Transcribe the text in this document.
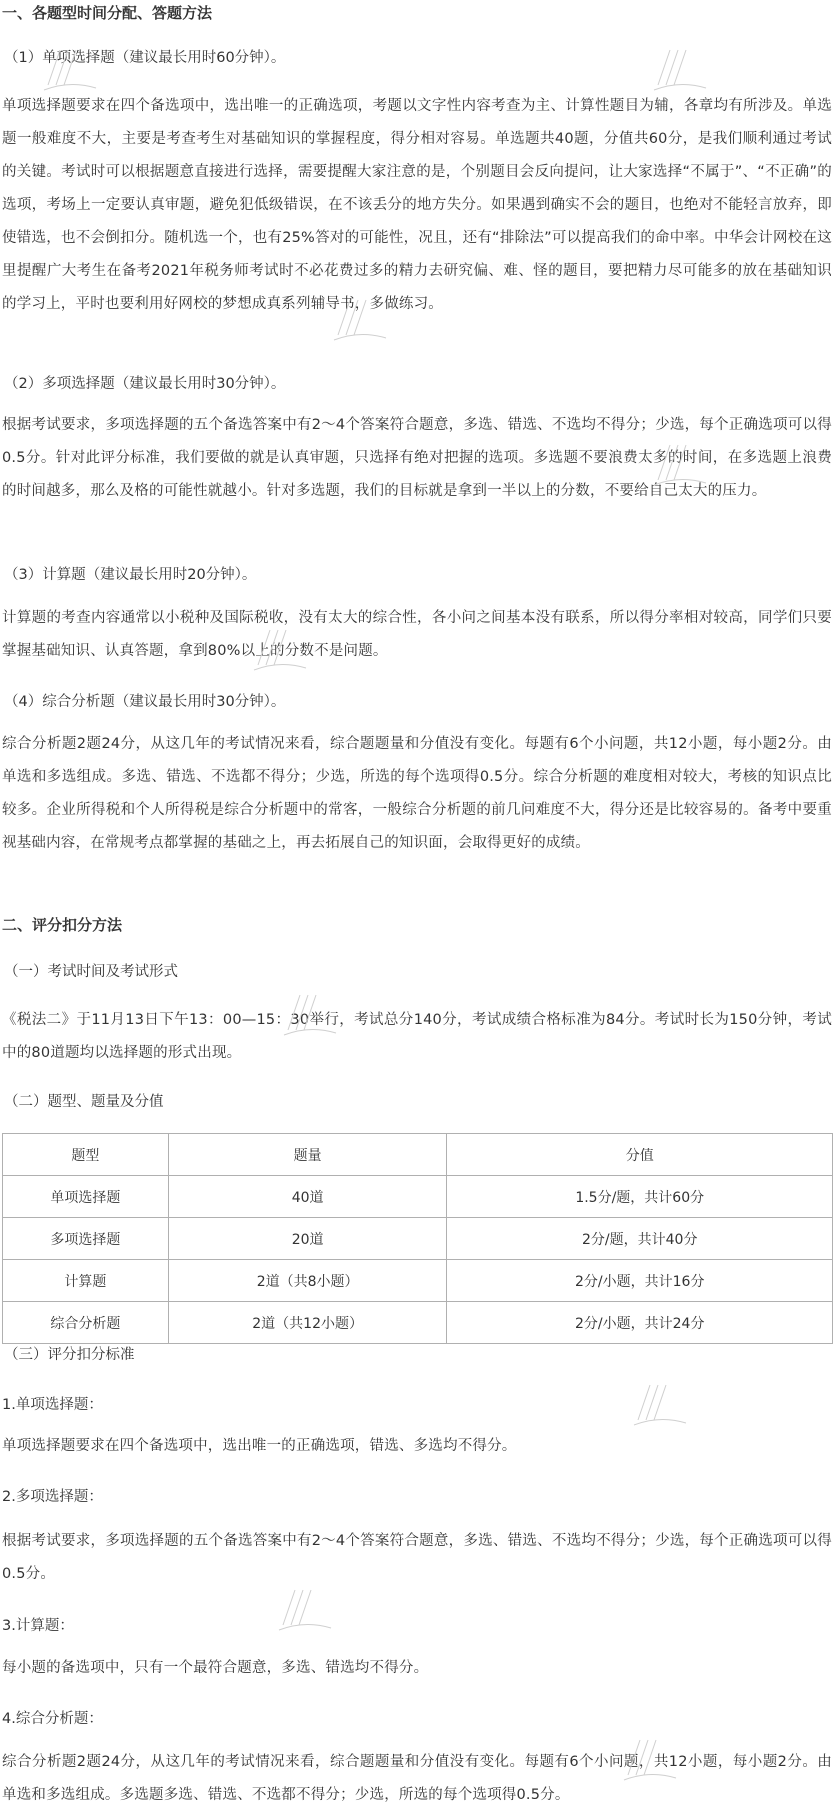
一、各题型时间分配、答题方法
（1）单项选择题（建议最长用时60分钟）。
单项选择题要求在四个备选项中，选出唯一的正确选项，考题以文字性内容考查为主、计算性题目为辅，各章均有所涉及。单选题一般难度不大，主要是考查考生对基础知识的掌握程度，得分相对容易。单选题共40题，分值共60分，是我们顺利通过考试的关键。考试时可以根据题意直接进行选择，需要提醒大家注意的是，个别题目会反向提问，让大家选择“不属于”、“不正确”的选项，考场上一定要认真审题，避免犯低级错误，在不该丢分的地方失分。如果遇到确实不会的题目，也绝对不能轻言放弃，即使错选，也不会倒扣分。随机选一个，也有25%答对的可能性，况且，还有“排除法”可以提高我们的命中率。中华会计网校在这里提醒广大考生在备考2021年税务师考试时不必花费过多的精力去研究偏、难、怪的题目，要把精力尽可能多的放在基础知识的学习上，平时也要利用好网校的梦想成真系列辅导书，多做练习。
（2）多项选择题（建议最长用时30分钟）。
根据考试要求，多项选择题的五个备选答案中有2～4个答案符合题意，多选、错选、不选均不得分；少选，每个正确选项可以得0.5分。针对此评分标准，我们要做的就是认真审题，只选择有绝对把握的选项。多选题不要浪费太多的时间，在多选题上浪费的时间越多，那么及格的可能性就越小。针对多选题，我们的目标就是拿到一半以上的分数，不要给自己太大的压力。
（3）计算题（建议最长用时20分钟）。
计算题的考查内容通常以小税种及国际税收，没有太大的综合性，各小问之间基本没有联系，所以得分率相对较高，同学们只要掌握基础知识、认真答题，拿到80%以上的分数不是问题。
（4）综合分析题（建议最长用时30分钟）。
综合分析题2题24分，从这几年的考试情况来看，综合题题量和分值没有变化。每题有6个小问题，共12小题，每小题2分。由单选和多选组成。多选、错选、不选都不得分；少选，所选的每个选项得0.5分。综合分析题的难度相对较大，考核的知识点比较多。企业所得税和个人所得税是综合分析题中的常客，一般综合分析题的前几问难度不大，得分还是比较容易的。备考中要重视基础内容，在常规考点都掌握的基础之上，再去拓展自己的知识面，会取得更好的成绩。
二、评分扣分方法
（一）考试时间及考试形式
《税法二》于11月13日下午13：00—15：30举行，考试总分140分，考试成绩合格标准为84分。考试时长为150分钟，考试中的80道题均以选择题的形式出现。
（二）题型、题量及分值
题型	题量	分值
单项选择题	40道	1.5分/题，共计60分
多项选择题	20道	2分/题，共计40分
计算题	2道（共8小题）	2分/小题，共计16分
综合分析题	2道（共12小题）	2分/小题，共计24分
（三）评分扣分标准
1.单项选择题：
单项选择题要求在四个备选项中，选出唯一的正确选项，错选、多选均不得分。
2.多项选择题：
根据考试要求，多项选择题的五个备选答案中有2～4个答案符合题意，多选、错选、不选均不得分；少选，每个正确选项可以得0.5分。
3.计算题：
每小题的备选项中，只有一个最符合题意，多选、错选均不得分。
4.综合分析题：
综合分析题2题24分，从这几年的考试情况来看，综合题题量和分值没有变化。每题有6个小问题，共12小题，每小题2分。由单选和多选组成。多选题多选、错选、不选都不得分；少选，所选的每个选项得0.5分。
